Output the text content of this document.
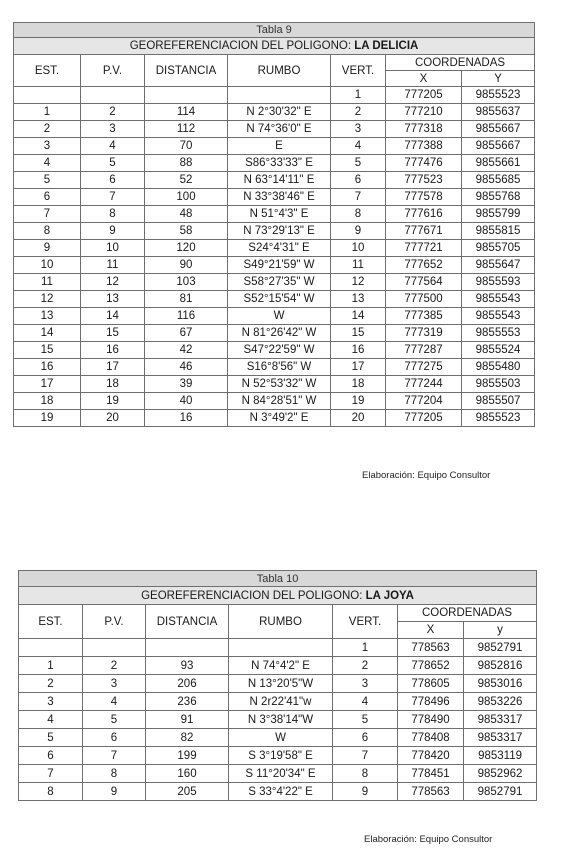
Tabla 9						
GEOREFERENCIACION DEL POLIGONO: LA DELICIA						
EST.	P.V.	DISTANCIA	RUMBO	VERT.	COORDENADAS	
					X	Y
				1	777205	9855523
1	2	114	N 2°30'32" E	2	777210	9855637
2	3	112	N 74°36'0" E	3	777318	9855667
3	4	70	E	4	777388	9855667
4	5	88	S86°33'33" E	5	777476	9855661
5	6	52	N 63°14'11" E	6	777523	9855685
6	7	100	N 33°38'46" E	7	777578	9855768
7	8	48	N 51°4'3" E	8	777616	9855799
8	9	58	N 73°29'13" E	9	777671	9855815
9	10	120	S24°4'31" E	10	777721	9855705
10	11	90	S49°21'59" W	11	777652	9855647
11	12	103	S58°27'35" W	12	777564	9855593
12	13	81	S52°15'54" W	13	777500	9855543
13	14	116	W	14	777385	9855543
14	15	67	N 81°26'42" W	15	777319	9855553
15	16	42	S47°22'59" W	16	777287	9855524
16	17	46	S16°8'56" W	17	777275	9855480
17	18	39	N 52°53'32" W	18	777244	9855503
18	19	40	N 84°28'51" W	19	777204	9855507
19	20	16	N 3°49'2" E	20	777205	9855523
Elaboración: Equipo Consultor
Tabla 10						
GEOREFERENCIACION DEL POLIGONO: LA JOYA						
EST.	P.V.	DISTANCIA	RUMBO	VERT.	COORDENADAS	
					X	y
				1	778563	9852791
1	2	93	N 74°4'2" E	2	778652	9852816
2	3	206	N 13°20'5"W	3	778605	9853016
3	4	236	N 2r22'41"w	4	778496	9853226
4	5	91	N 3°38'14"W	5	778490	9853317
5	6	82	W	6	778408	9853317
6	7	199	S 3°19'58" E	7	778420	9853119
7	8	160	S 11°20'34" E	8	778451	9852962
8	9	205	S 33°4'22" E	9	778563	9852791
Elaboración: Equipo Consultor
